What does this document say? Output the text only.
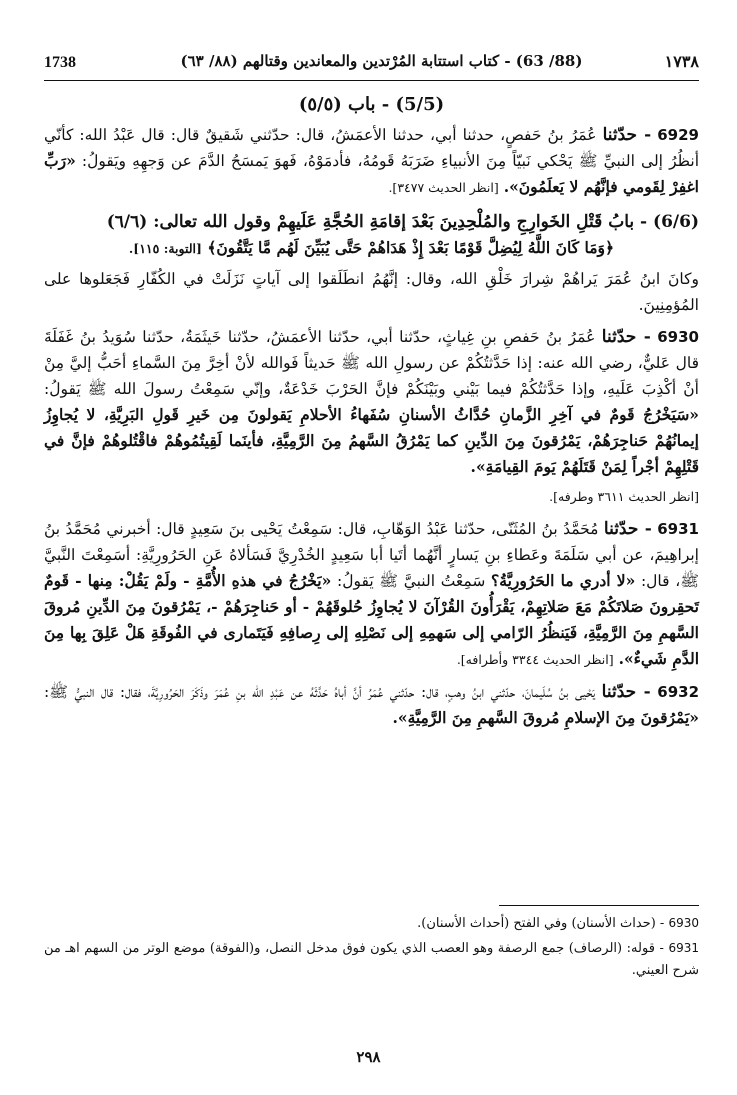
1738	(88/ 63) - كتاب استتابة المُرْتدين والمعاندين وقتالهم (٨٨/ ٦٣)	١٧٣٨
(5/5) - باب (٥/٥)

6929 - حدّثنا عُمَرُ بنُ حَفصٍ، حدثنا أبي، حدثنا الأعمَشُ، قال: حدّثني شَقيقٌ قال: قال عَبْدُ الله: كأنّي أنظُرُ إلى النبيِّ ﷺ يَحْكي نَبيّاً مِنَ الأنبياءِ ضَرَبَهُ قَومُهُ، فأدمَوْهُ، فَهوَ يَمسَحُ الدَّمَ عن وَجهِهِ ويَقولُ: «رَبِّ اغفِرْ لِقَومي فإنَّهُم لا يَعلَمُونَ». [انظر الحديث ٣٤٧٧].

(6/6) - بابُ قَتْلِ الخَوارِجِ والمُلْحِدِينَ بَعْدَ إقامَةِ الحُجَّةِ عَلَيهِمْ وقول الله تعالى: (٦/٦)
﴿وَمَا كَانَ اللَّهُ لِيُضِلَّ قَوْمًا بَعْدَ إِذْ هَدَاهُمْ حَتَّى يُبَيِّنَ لَهُم مَّا يَتَّقُونَ﴾ [التوبة: ١١٥].

وكانَ ابنُ عُمَرَ يَراهُمْ شِرارَ خَلْقِ الله، وقال: إنَّهُمُ انطَلَقوا إلى آياتٍ نَزَلَتْ في الكُفّارِ فَجَعَلوها على المُؤمِنِينَ.

6930 - حدّثنا عُمَرُ بنُ حَفصِ بنِ غِياثٍ، حدّثنا أبي، حدّثنا الأعمَشُ، حدّثنا خَيثَمَةُ، حدّثنا سُوَيدُ بنُ غَفَلَةَ قال عَليٌّ، رضي الله عنه: إذا حَدَّثتُكُمْ عن رسولِ الله ﷺ حَديثاً فَوالله لأنْ أخِرَّ مِنَ السَّماءِ أحَبُّ إليَّ مِنْ أنْ أكْذِبَ عَلَيهِ، وإذا حَدَّثتُكُمْ فيما بَيْني وبَيْنَكُمْ فإنَّ الحَرْبَ خَدْعَةٌ، وإنّي سَمِعْتُ رسولَ الله ﷺ يَقولُ: «سَيَخْرُجُ قَومٌ في آخِرِ الزَّمانِ حُدَّاثُ الأسنانِ سُفَهاءُ الأحلامِ يَقولونَ مِن خَيرِ قَولِ البَرِيَّةِ، لا يُجاوِزُ إيمانُهُمْ حَناجِرَهُمْ، يَمْرُقونَ مِنَ الدِّينِ كما يَمْرُقُ السَّهمُ مِنَ الرَّمِيَّةِ، فأينَما لَقِيتُمُوهُمْ فاقْتُلوهُمْ فإنَّ في قَتْلِهِمْ أجْراً لِمَنْ قَتَلَهُمْ يَومَ القِيامَةِ».

[انظر الحديث ٣٦١١ وطرفه].

6931 - حدّثنا مُحَمَّدُ بنُ المُثَنّى، حدّثنا عَبْدُ الوَهّابِ، قال: سَمِعْتُ يَحْيى بنَ سَعِيدٍ قال: أخبرني مُحَمَّدُ بنُ إبراهِيمَ، عن أبي سَلَمَةَ وعَطاءِ بنِ يَسارٍ أنَّهُما أتَيا أبا سَعِيدٍ الخُدْرِيَّ فَسَألاهُ عَنِ الحَرُورِيَّةِ: أسَمِعْتَ النَّبيَّ ﷺ، قال: «لا أدري ما الحَرُورِيَّةُ؟ سَمِعْتُ النبيَّ ﷺ يَقولُ: «يَخْرُجُ في هذهِ الأُمَّةِ - ولَمْ يَقُلْ: مِنها - قَومٌ تَحقِرونَ صَلاتَكُمْ مَعَ صَلاتِهِمْ، يَقْرَأُونَ القُرْآنَ لا يُجاوِزُ حُلوقَهُمْ - أو حَناجِرَهُمْ -، يَمْرُقونَ مِنَ الدِّينِ مُروقَ السَّهمِ مِنَ الرَّمِيَّةِ، فَيَنظُرُ الرّامي إلى سَهمِهِ إلى نَصْلِهِ إلى رِصافِهِ فَيَتَمارى في الفُوقَةِ هَلْ عَلِقَ بِها مِنَ الدَّمِ شَيءٌ». [انظر الحديث ٣٣٤٤ وأطرافه].

6932 - حدّثنا يَحْيى بنُ سُلَيمانَ، حدّثني ابنُ وهبٍ، قال: حدّثني عُمَرُ أنَّ أباهُ حَدَّثَهُ عن عَبْدِ الله بنِ عُمَرَ وذَكَرَ الحَرُورِيَّةَ، فقال: قال النبيُّ ﷺ: «يَمْرُقونَ مِنَ الإسلامِ مُروقَ السَّهمِ مِنَ الرَّمِيَّةِ».

6930 - (حداث الأسنان) وفي الفتح (أحداث الأسنان).

6931 - قوله: (الرصاف) جمع الرصفة وهو العصب الذي يكون فوق مدخل النصل، و(الفوقة) موضع الوتر من السهم اهـ من شرح العيني.

٢٩٨
